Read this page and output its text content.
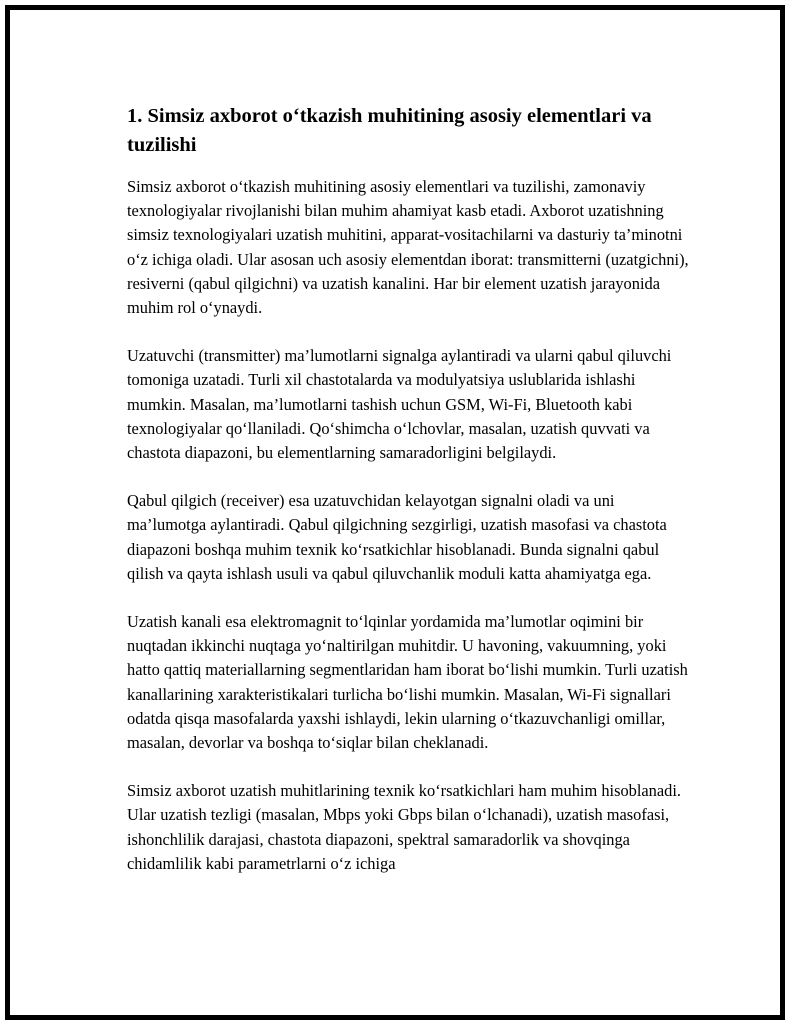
1. Simsiz axborot o‘tkazish muhitining asosiy elementlari va tuzilishi

Simsiz axborot o‘tkazish muhitining asosiy elementlari va tuzilishi, zamonaviy texnologiyalar rivojlanishi bilan muhim ahamiyat kasb etadi. Axborot uzatishning simsiz texnologiyalari uzatish muhitini, apparat-vositachilarni va dasturiy ta’minotni o‘z ichiga oladi. Ular asosan uch asosiy elementdan iborat: transmitterni (uzatgichni), resiverni (qabul qilgichni) va uzatish kanalini. Har bir element uzatish jarayonida muhim rol o‘ynaydi.

Uzatuvchi (transmitter) ma’lumotlarni signalga aylantiradi va ularni qabul qiluvchi tomoniga uzatadi. Turli xil chastotalarda va modulyatsiya uslublarida ishlashi mumkin. Masalan, ma’lumotlarni tashish uchun GSM, Wi-Fi, Bluetooth kabi texnologiyalar qo‘llaniladi. Qo‘shimcha o‘lchovlar, masalan, uzatish quvvati va chastota diapazoni, bu elementlarning samaradorligini belgilaydi.

Qabul qilgich (receiver) esa uzatuvchidan kelayotgan signalni oladi va uni ma’lumotga aylantiradi. Qabul qilgichning sezgirligi, uzatish masofasi va chastota diapazoni boshqa muhim texnik ko‘rsatkichlar hisoblanadi. Bunda signalni qabul qilish va qayta ishlash usuli va qabul qiluvchanlik moduli katta ahamiyatga ega.

Uzatish kanali esa elektromagnit to‘lqinlar yordamida ma’lumotlar oqimini bir nuqtadan ikkinchi nuqtaga yo‘naltirilgan muhitdir. U havoning, vakuumning, yoki hatto qattiq materiallarning segmentlaridan ham iborat bo‘lishi mumkin. Turli uzatish kanallarining xarakteristikalari turlicha bo‘lishi mumkin. Masalan, Wi-Fi signallari odatda qisqa masofalarda yaxshi ishlaydi, lekin ularning o‘tkazuvchanligi omillar, masalan, devorlar va boshqa to‘siqlar bilan cheklanadi.

Simsiz axborot uzatish muhitlarining texnik ko‘rsatkichlari ham muhim hisoblanadi. Ular uzatish tezligi (masalan, Mbps yoki Gbps bilan o‘lchanadi), uzatish masofasi, ishonchlilik darajasi, chastota diapazoni, spektral samaradorlik va shovqinga chidamlilik kabi parametrlarni o‘z ichiga
